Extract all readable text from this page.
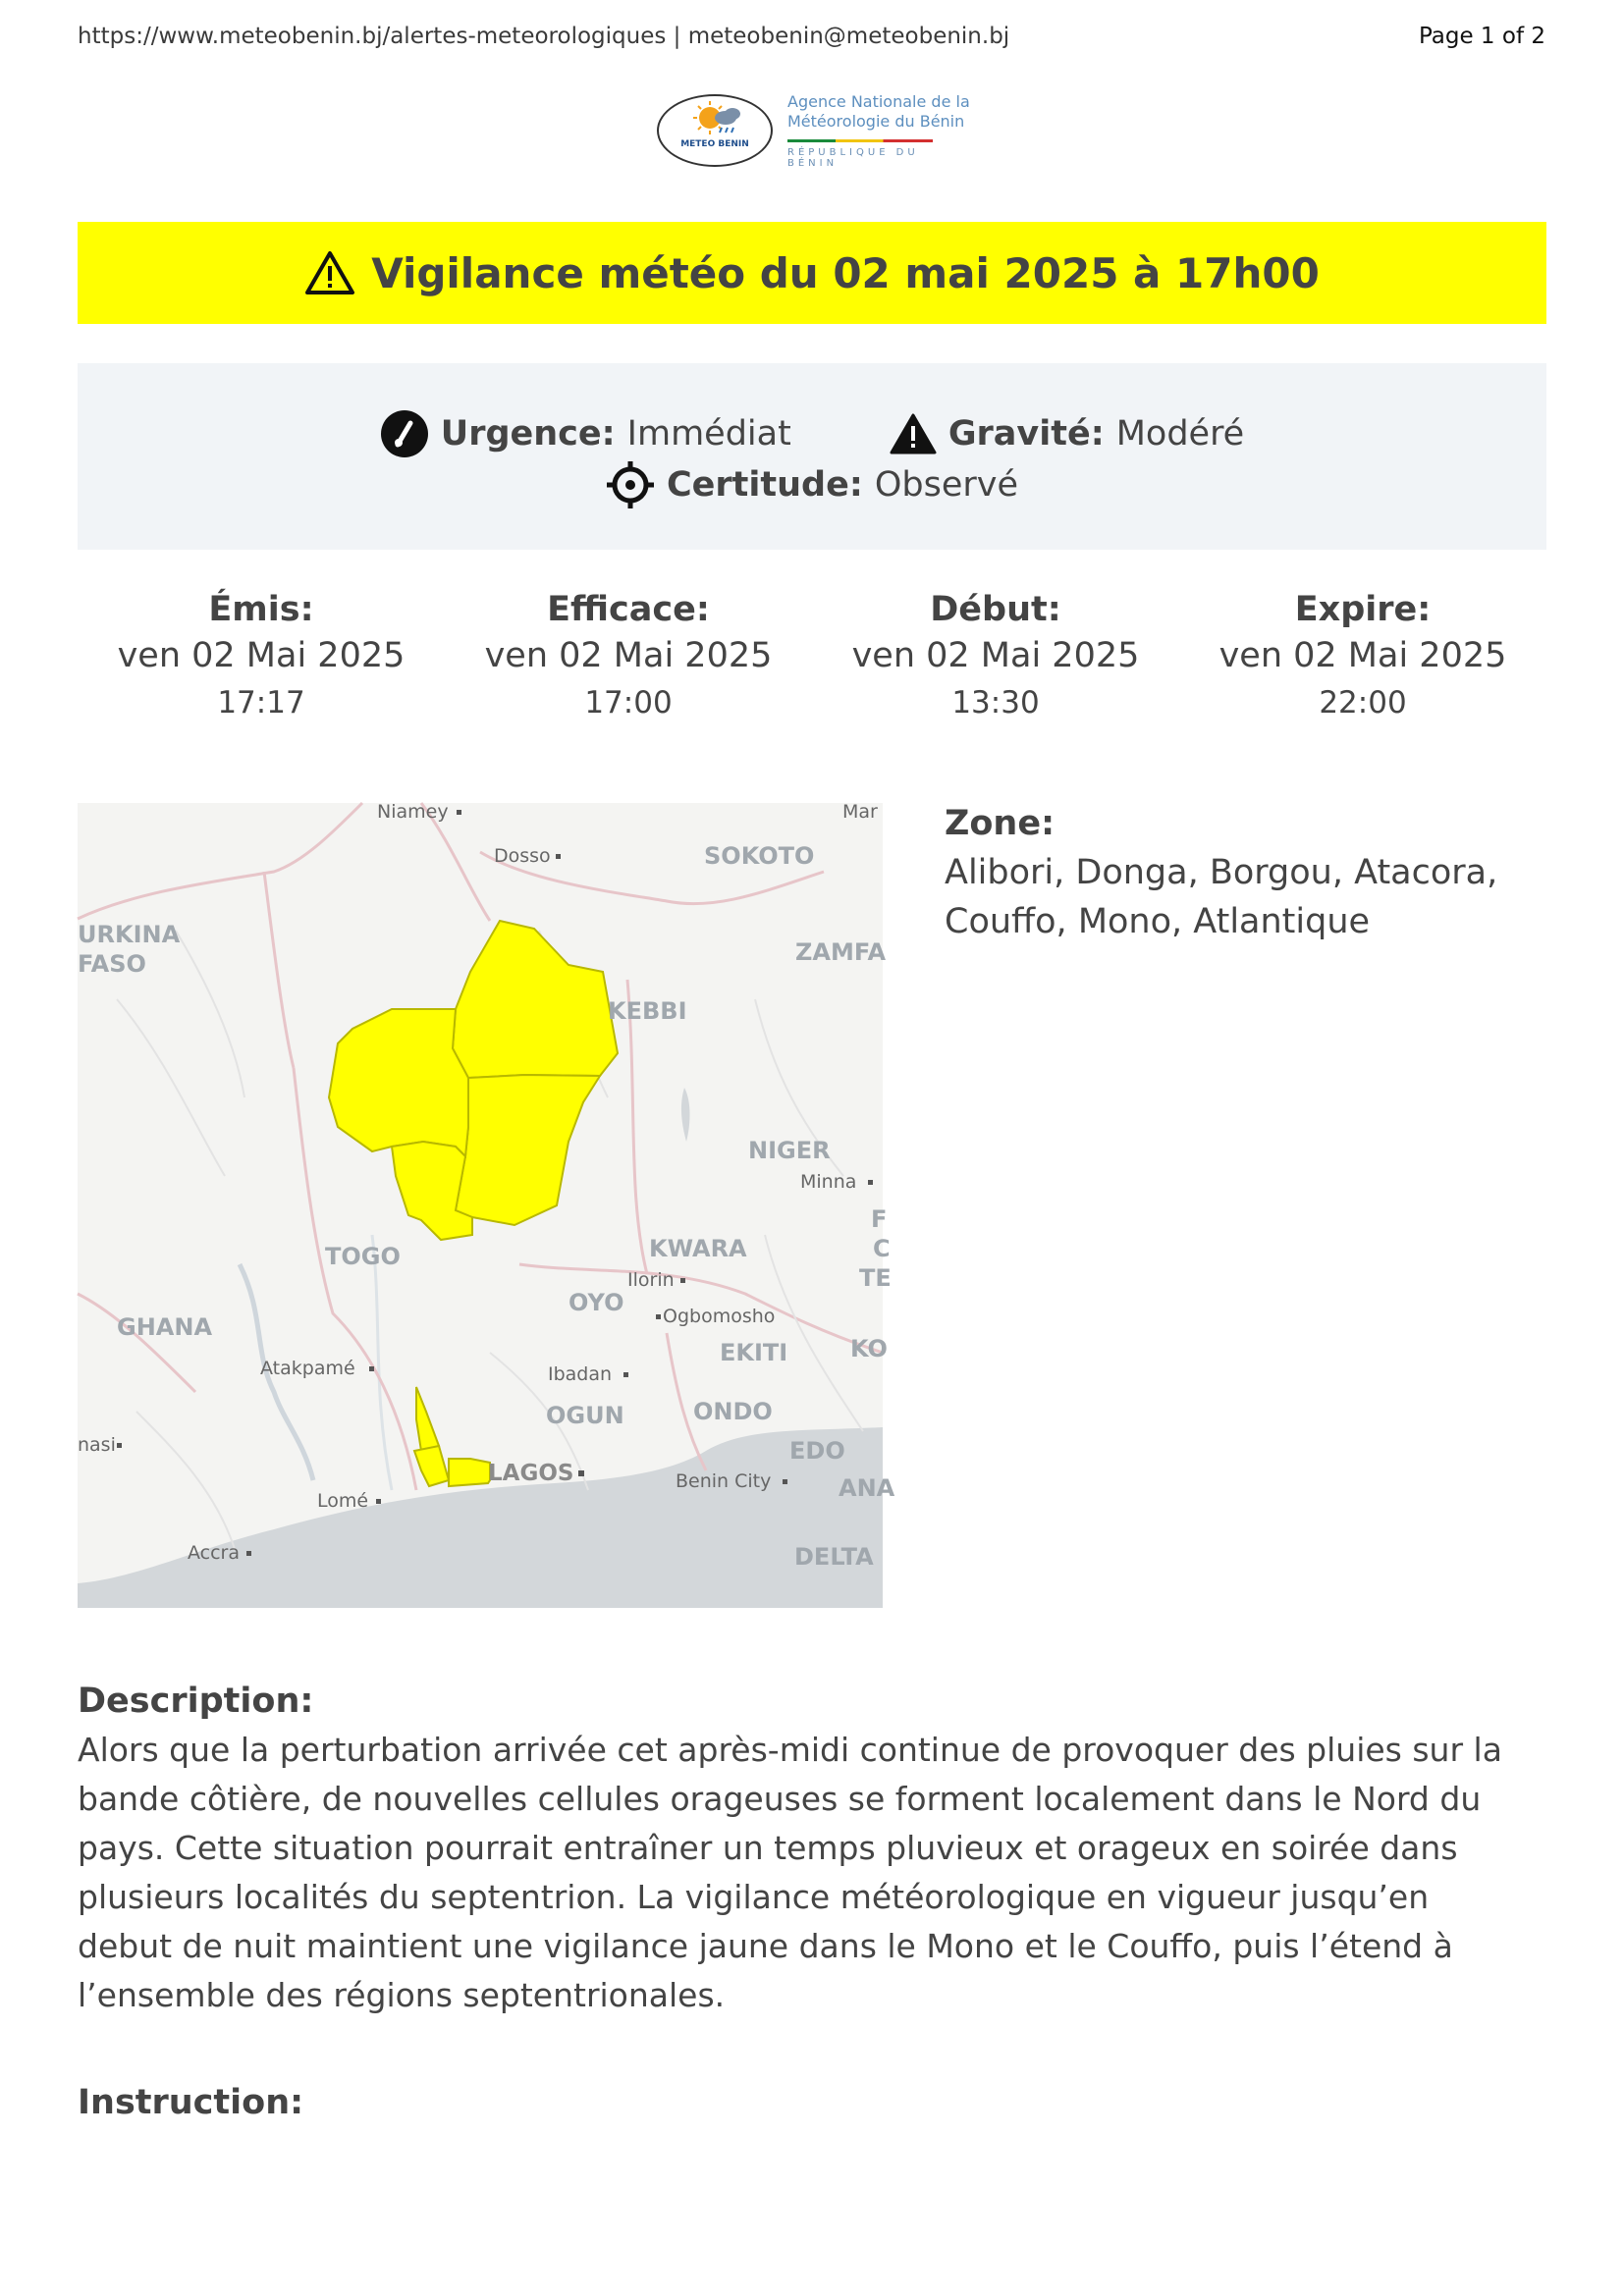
https://www.meteobenin.bj/alertes-meteorologiques | meteobenin@meteobenin.bj	Page 1 of 2
METEO BENIN
Agence Nationale de la
Météorologie du Bénin
RÉPUBLIQUE DU BÉNIN
Vigilance météo du 02 mai 2025 à 17h00
Urgence: Immédiat	Gravité: Modéré
Certitude: Observé
Émis:
ven 02 Mai 2025
17:17
Efficace:
ven 02 Mai 2025
17:00
Début:
ven 02 Mai 2025
13:30
Expire:
ven 02 Mai 2025
22:00
Niamey
Dosso
Mar
Minna
Ilorin
Ogbomosho
Ibadan
Atakpamé
Lomé
Accra
nasi
Benin City
LAGOS
SOKOTO
ZAMFA
KEBBI
NIGER
KWARA
OYO
EKITI
OGUN	ONDO
EDO
ANA
DELTA
KO
F
C
TE
URKINA
FASO
TOGO
GHANA
Zone:
Alibori, Donga, Borgou, Atacora,
Couffo, Mono, Atlantique
Description:
Alors que la perturbation arrivée cet après-midi continue de provoquer des pluies sur la
bande côtière, de nouvelles cellules orageuses se forment localement dans le Nord du
pays. Cette situation pourrait entraîner un temps pluvieux et orageux en soirée dans
plusieurs localités du septentrion. La vigilance météorologique en vigueur jusqu’en
debut de nuit maintient une vigilance jaune dans le Mono et le Couffo, puis l’étend à
l’ensemble des régions septentrionales.
Instruction:
